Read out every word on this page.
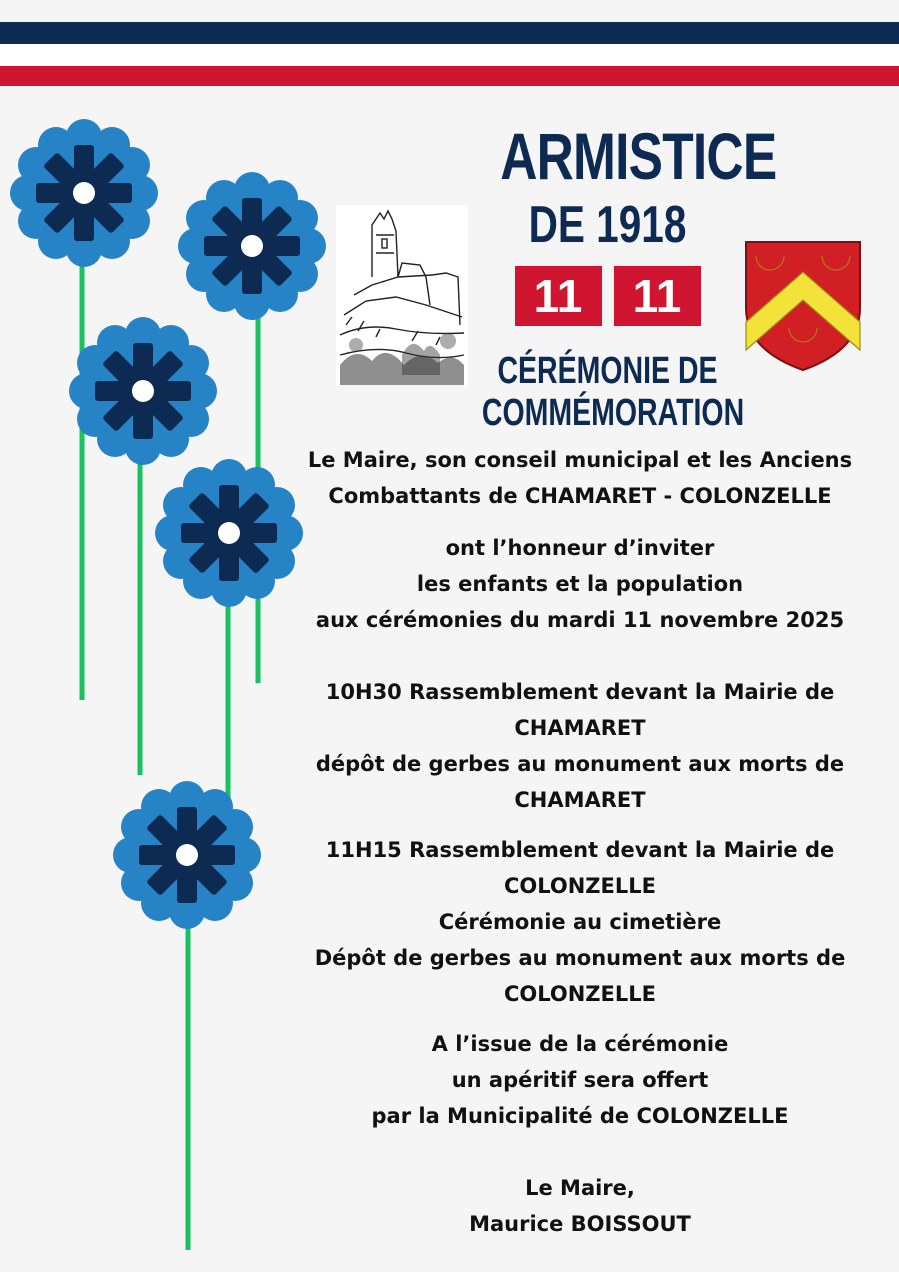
ARMISTICE
DE 1918
11	11
CÉRÉMONIE DE
COMMÉMORATION
Le Maire, son conseil municipal et les Anciens
Combattants de CHAMARET - COLONZELLE
ont l’honneur d’inviter
les enfants et la population
aux cérémonies du mardi 11 novembre 2025
10H30 Rassemblement devant la Mairie de
CHAMARET
dépôt de gerbes au monument aux morts de
CHAMARET
11H15 Rassemblement devant la Mairie de
COLONZELLE
Cérémonie au cimetière
Dépôt de gerbes au monument aux morts de
COLONZELLE
A l’issue de la cérémonie
un apéritif sera offert
par la Municipalité de COLONZELLE
Le Maire,
Maurice BOISSOUT
